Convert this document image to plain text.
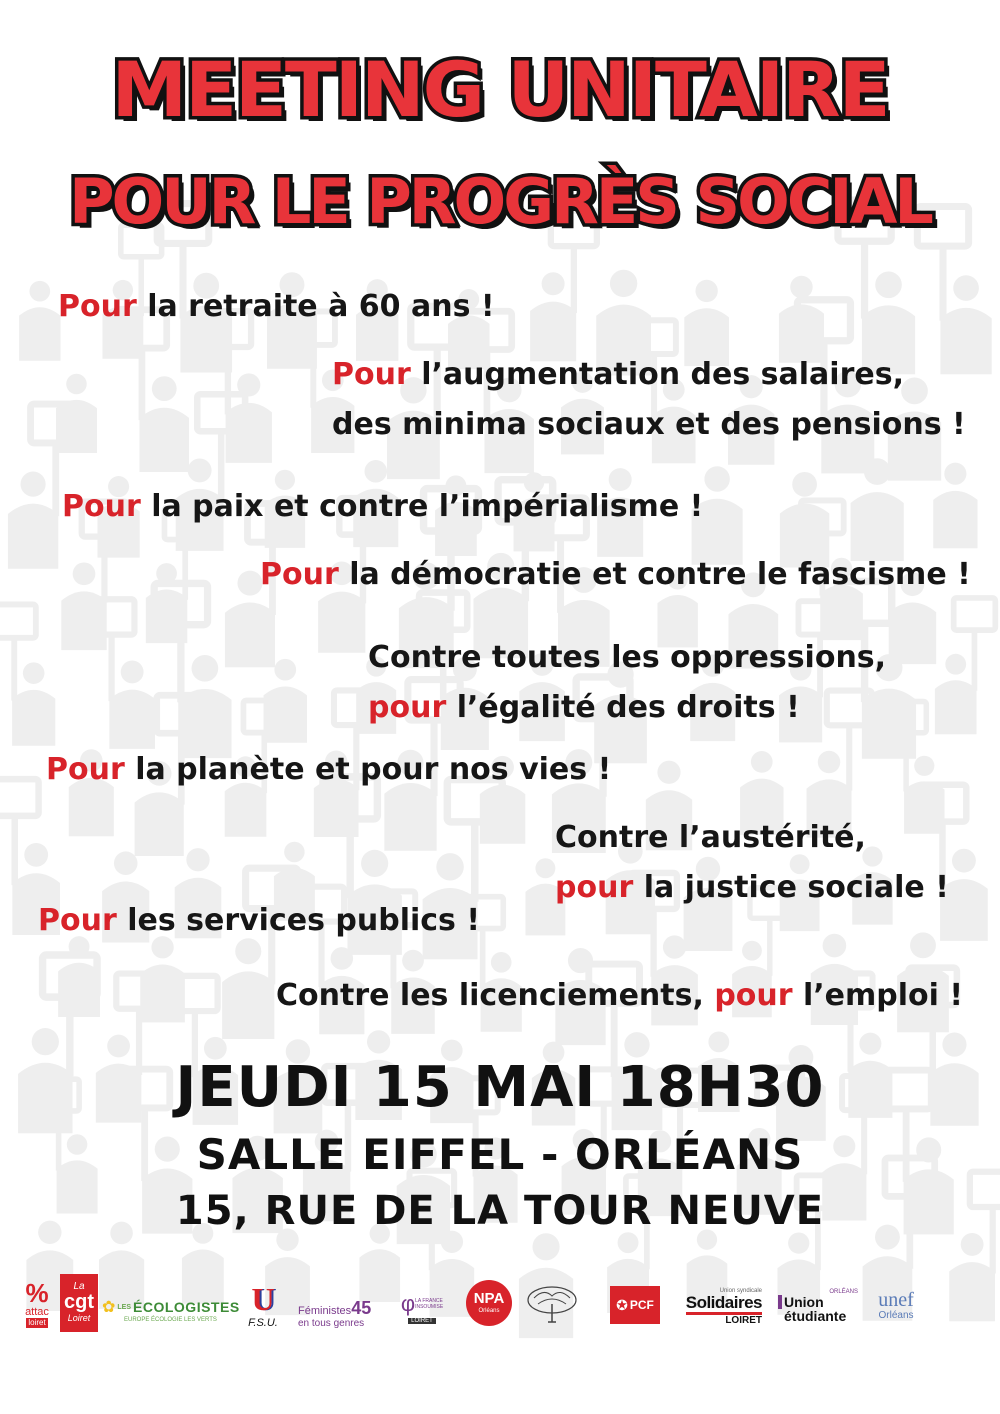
MEETING UNITAIRE
POUR LE PROGRÈS SOCIAL
Pour la retraite à 60 ans !
Pour l’augmentation des salaires,
des minima sociaux et des pensions !
Pour la paix et contre l’impérialisme !
Pour la démocratie et contre le fascisme !
Contre toutes les oppressions,
pour l’égalité des droits !
Pour la planète et pour nos vies !
Contre l’austérité,
pour la justice sociale !
Pour les services publics !
Contre les licenciements, pour l’emploi !
JEUDI 15 MAI 18H30
SALLE EIFFEL - ORLÉANS
15, RUE DE LA TOUR NEUVE
%
attac
loiret
La
cgt
Loiret
✿ LES ÉCOLOGISTES
EUROPE ÉCOLOGIE LES VERTS
U
F.S.U.
Féministes 45
en tous genres
φ LA FRANCE
INSOUMISE
LOIRET
NPA
Orléans	✪ PCF
Union syndicale
Solidaires
LOIRET
ORLÉANS
Union
étudiante
unef
Orléans
